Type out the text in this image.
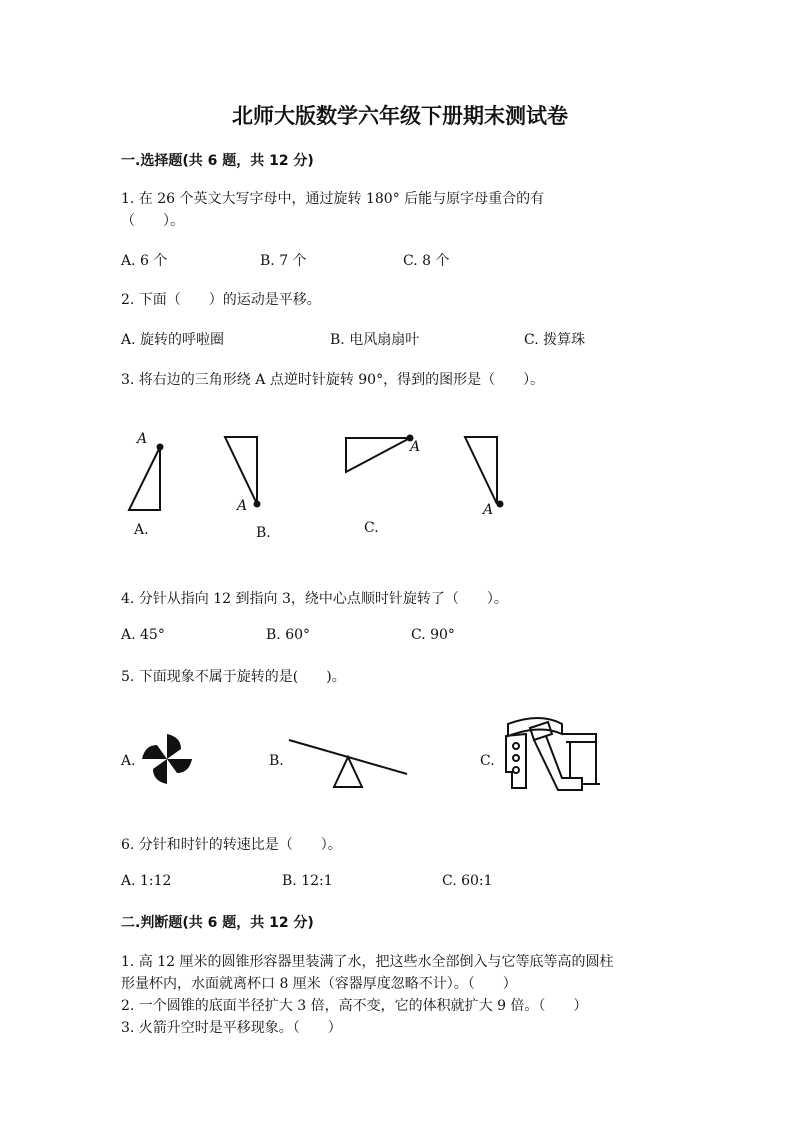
北师大版数学六年级下册期末测试卷
一.选择题(共 6 题，共 12 分)
1. 在 26 个英文大写字母中，通过旋转 180° 后能与原字母重合的有
（　　）。
A. 6 个	B. 7 个	C. 8 个
2. 下面（　　）的运动是平移。
A. 旋转的呼啦圈	B. 电风扇扇叶	C. 拨算珠
3. 将右边的三角形绕 A 点逆时针旋转 90°，得到的图形是（　　）。
A
A.
A
B.
A
C.
A
4. 分针从指向 12 到指向 3，绕中心点顺时针旋转了（　　）。
A. 45°	B. 60°	C. 90°
5. 下面现象不属于旋转的是(　　)。
A.	B.	C.
6. 分针和时针的转速比是（　　）。
A. 1:12	B. 12:1	C. 60:1
二.判断题(共 6 题，共 12 分)
1. 高 12 厘米的圆锥形容器里装满了水，把这些水全部倒入与它等底等高的圆柱
形量杯内，水面就离杯口 8 厘米（容器厚度忽略不计）。（　　）
2. 一个圆锥的底面半径扩大 3 倍，高不变，它的体积就扩大 9 倍。（　　）
3. 火箭升空时是平移现象。（　　）
